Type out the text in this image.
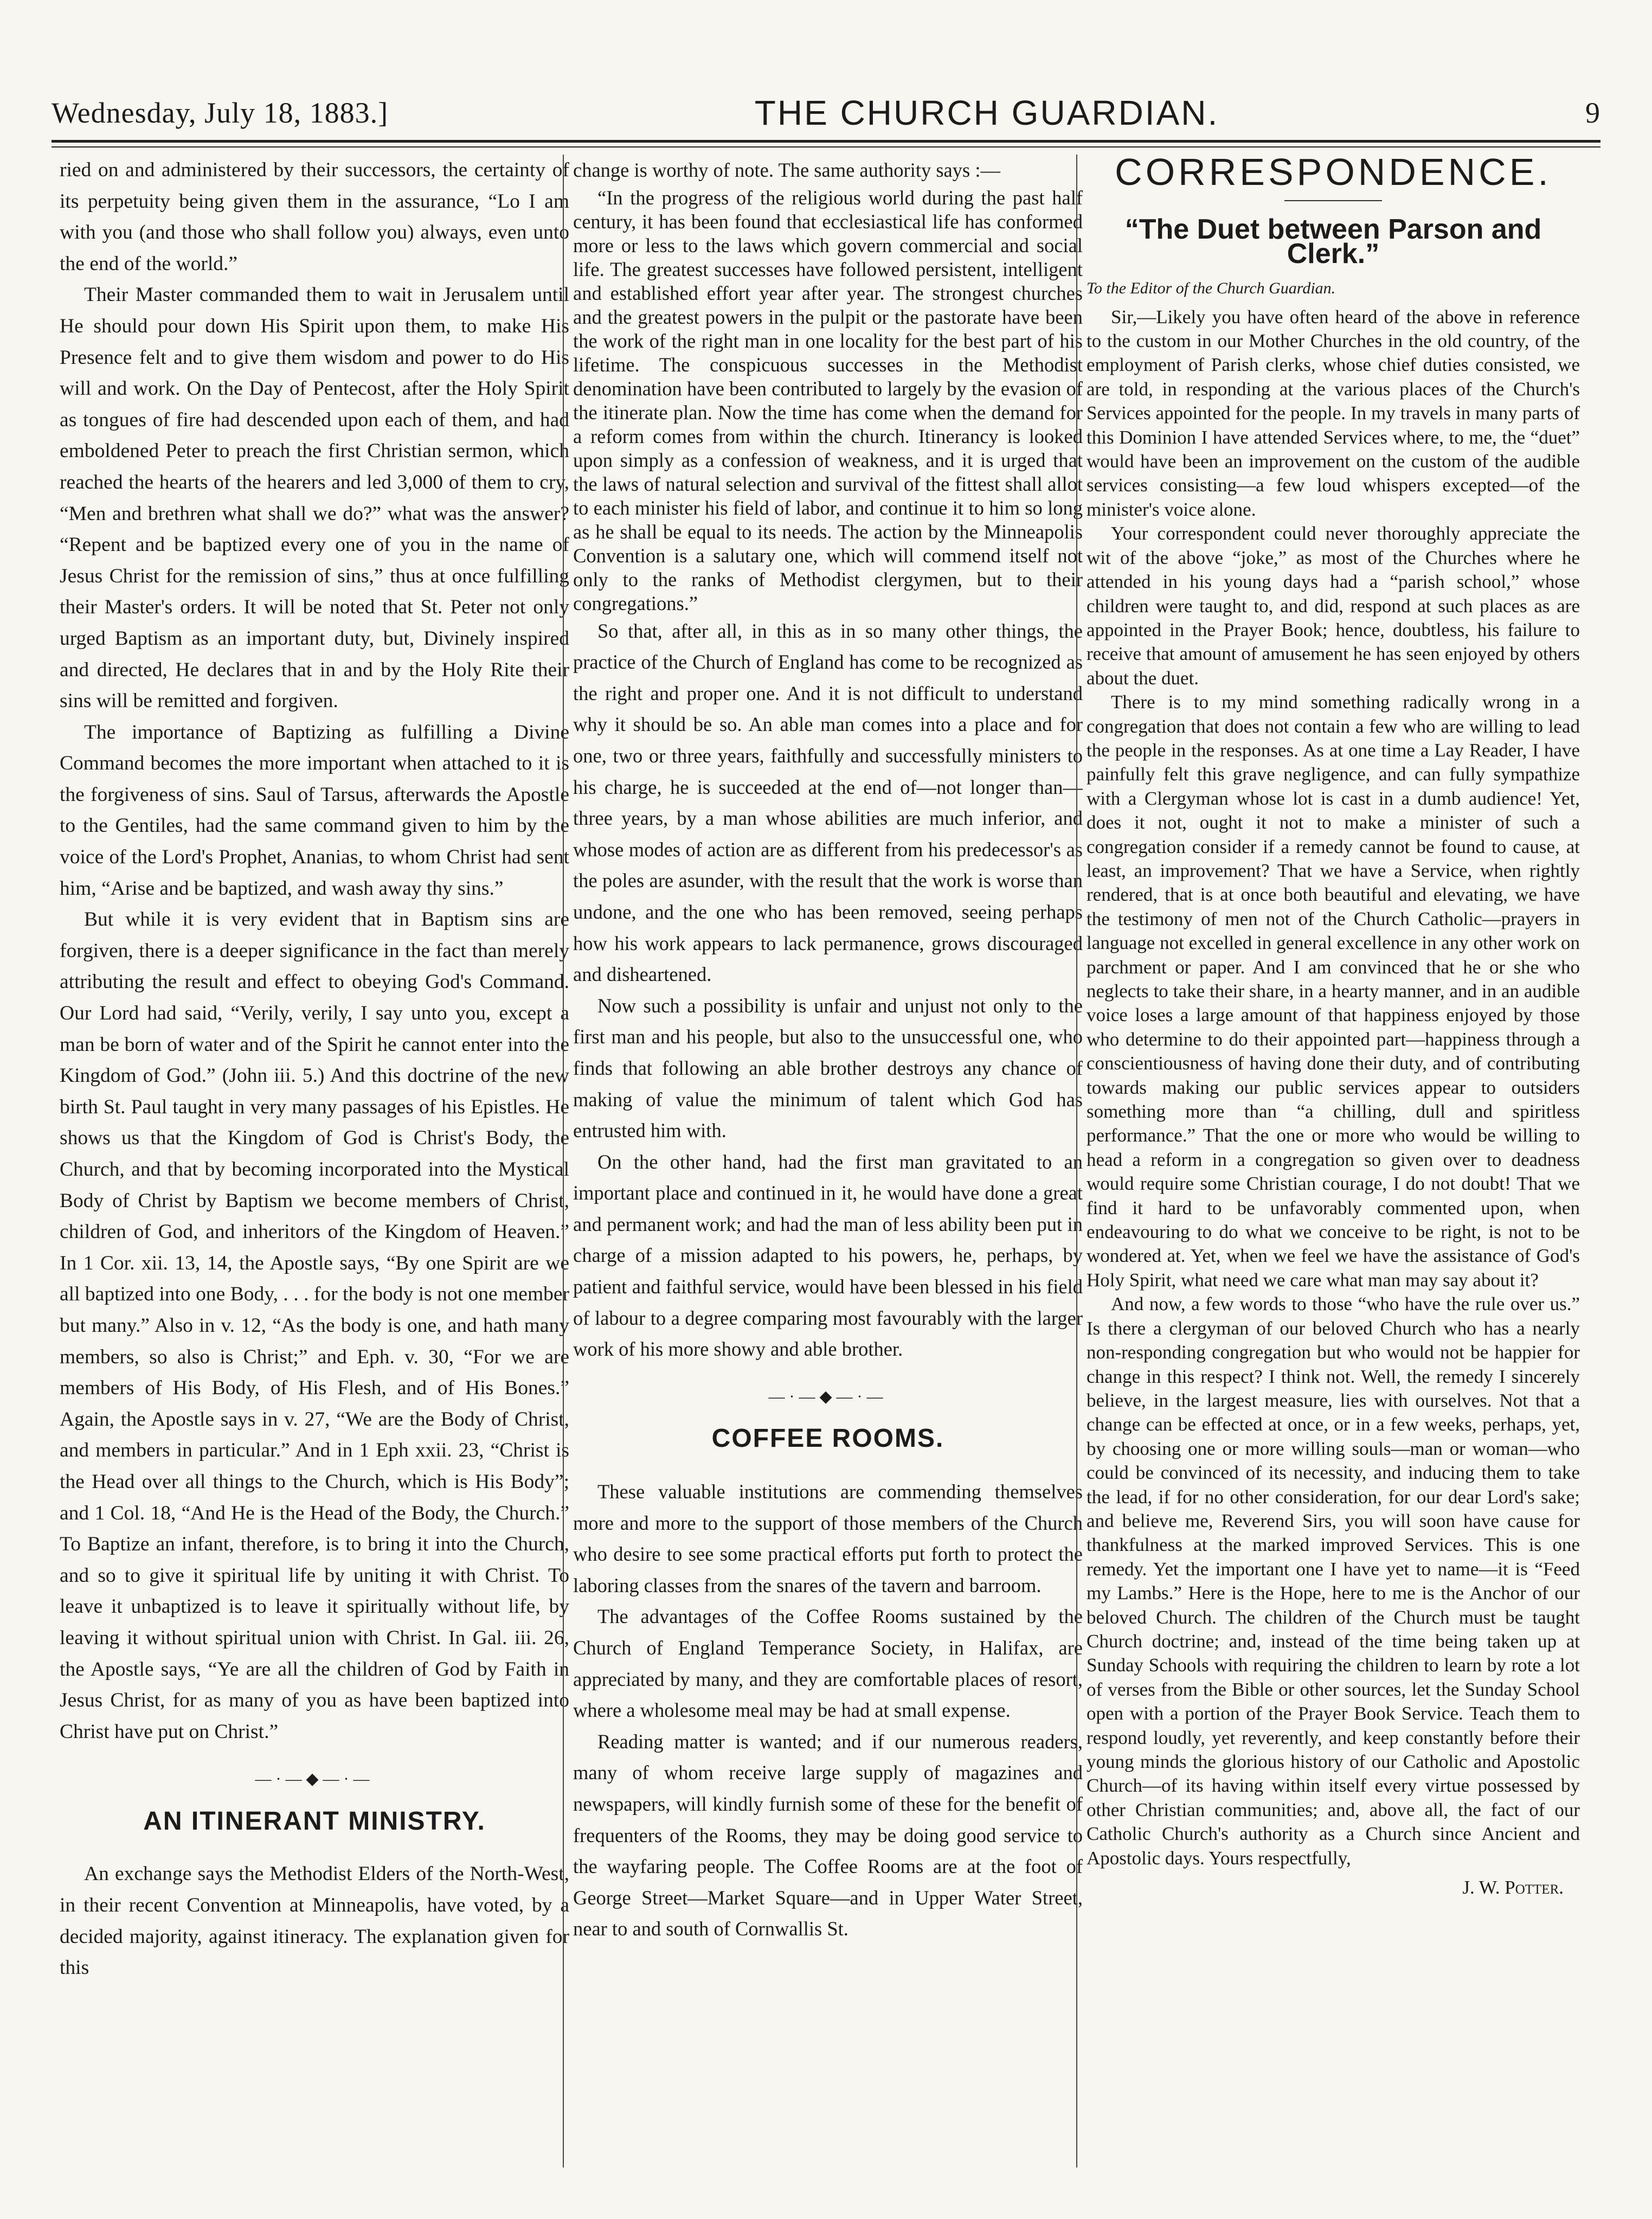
Wednesday, July 18, 1883.]	THE CHURCH GUARDIAN.	9

ried on and administered by their successors, the certainty of its perpetuity being given them in the assurance, “Lo I am with you (and those who shall follow you) always, even unto the end of the world.”

Their Master commanded them to wait in Jerusalem until He should pour down His Spirit upon them, to make His Presence felt and to give them wisdom and power to do His will and work. On the Day of Pentecost, after the Holy Spirit as tongues of fire had descended upon each of them, and had emboldened Peter to preach the first Christian sermon, which reached the hearts of the hearers and led 3,000 of them to cry, “Men and brethren what shall we do?” what was the answer? “Repent and be baptized every one of you in the name of Jesus Christ for the remission of sins,” thus at once fulfilling their Master's orders. It will be noted that St. Peter not only urged Baptism as an important duty, but, Divinely inspired and directed, He declares that in and by the Holy Rite their sins will be remitted and forgiven.

The importance of Baptizing as fulfilling a Divine Command becomes the more important when attached to it is the forgiveness of sins. Saul of Tarsus, afterwards the Apostle to the Gentiles, had the same command given to him by the voice of the Lord's Prophet, Ananias, to whom Christ had sent him, “Arise and be baptized, and wash away thy sins.”

But while it is very evident that in Baptism sins are forgiven, there is a deeper significance in the fact than merely attributing the result and effect to obeying God's Command. Our Lord had said, “Verily, verily, I say unto you, except a man be born of water and of the Spirit he cannot enter into the Kingdom of God.” (John iii. 5.) And this doctrine of the new birth St. Paul taught in very many passages of his Epistles. He shows us that the Kingdom of God is Christ's Body, the Church, and that by becoming incorporated into the Mystical Body of Christ by Baptism we become members of Christ, children of God, and inheritors of the Kingdom of Heaven.” In 1 Cor. xii. 13, 14, the Apostle says, “By one Spirit are we all baptized into one Body, . . . for the body is not one member but many.” Also in v. 12, “As the body is one, and hath many members, so also is Christ;” and Eph. v. 30, “For we are members of His Body, of His Flesh, and of His Bones.” Again, the Apostle says in v. 27, “We are the Body of Christ, and members in particular.” And in 1 Eph xxii. 23, “Christ is the Head over all things to the Church, which is His Body”; and 1 Col. 18, “And He is the Head of the Body, the Church.” To Baptize an infant, therefore, is to bring it into the Church, and so to give it spiritual life by uniting it with Christ. To leave it unbaptized is to leave it spiritually without life, by leaving it without spiritual union with Christ. In Gal. iii. 26, the Apostle says, “Ye are all the children of God by Faith in Jesus Christ, for as many of you as have been baptized into Christ have put on Christ.”

—·—◆—·—
AN ITINERANT MINISTRY.

An exchange says the Methodist Elders of the North-West, in their recent Convention at Minneapolis, have voted, by a decided majority, against itineracy. The explanation given for this

change is worthy of note. The same authority says :—

“In the progress of the religious world during the past half century, it has been found that ecclesiastical life has conformed more or less to the laws which govern commercial and social life. The greatest successes have followed persistent, intelligent and established effort year after year. The strongest churches and the greatest powers in the pulpit or the pastorate have been the work of the right man in one locality for the best part of his lifetime. The conspicuous successes in the Methodist denomination have been contributed to largely by the evasion of the itinerate plan. Now the time has come when the demand for a reform comes from within the church. Itinerancy is looked upon simply as a confession of weakness, and it is urged that the laws of natural selection and survival of the fittest shall allot to each minister his field of labor, and continue it to him so long as he shall be equal to its needs. The action by the Minneapolis Convention is a salutary one, which will commend itself not only to the ranks of Methodist clergymen, but to their congregations.”

So that, after all, in this as in so many other things, the practice of the Church of England has come to be recognized as the right and proper one. And it is not difficult to understand why it should be so. An able man comes into a place and for one, two or three years, faithfully and successfully ministers to his charge, he is succeeded at the end of—not longer than—three years, by a man whose abilities are much inferior, and whose modes of action are as different from his predecessor's as the poles are asunder, with the result that the work is worse than undone, and the one who has been removed, seeing perhaps how his work appears to lack permanence, grows discouraged and disheartened.

Now such a possibility is unfair and unjust not only to the first man and his people, but also to the unsuccessful one, who finds that following an able brother destroys any chance of making of value the minimum of talent which God has entrusted him with.

On the other hand, had the first man gravitated to an important place and continued in it, he would have done a great and permanent work; and had the man of less ability been put in charge of a mission adapted to his powers, he, perhaps, by patient and faithful service, would have been blessed in his field of labour to a degree comparing most favourably with the larger work of his more showy and able brother.

—·—◆—·—
COFFEE ROOMS.

These valuable institutions are commending themselves more and more to the support of those members of the Church who desire to see some practical efforts put forth to protect the laboring classes from the snares of the tavern and barroom.

The advantages of the Coffee Rooms sustained by the Church of England Temperance Society, in Halifax, are appreciated by many, and they are comfortable places of resort, where a wholesome meal may be had at small expense.

Reading matter is wanted; and if our numerous readers, many of whom receive large supply of magazines and newspapers, will kindly furnish some of these for the benefit of frequenters of the Rooms, they may be doing good service to the wayfaring people. The Coffee Rooms are at the foot of George Street—Market Square—and in Upper Water Street, near to and south of Cornwallis St.

CORRESPONDENCE.
“The Duet between Parson and Clerk.”
To the Editor of the Church Guardian.

Sir,—Likely you have often heard of the above in reference to the custom in our Mother Churches in the old country, of the employment of Parish clerks, whose chief duties consisted, we are told, in responding at the various places of the Church's Services appointed for the people. In my travels in many parts of this Dominion I have attended Services where, to me, the “duet” would have been an improvement on the custom of the audible services consisting—a few loud whispers excepted—of the minister's voice alone.

Your correspondent could never thoroughly appreciate the wit of the above “joke,” as most of the Churches where he attended in his young days had a “parish school,” whose children were taught to, and did, respond at such places as are appointed in the Prayer Book; hence, doubtless, his failure to receive that amount of amusement he has seen enjoyed by others about the duet.

There is to my mind something radically wrong in a congregation that does not contain a few who are willing to lead the people in the responses. As at one time a Lay Reader, I have painfully felt this grave negligence, and can fully sympathize with a Clergyman whose lot is cast in a dumb audience! Yet, does it not, ought it not to make a minister of such a congregation consider if a remedy cannot be found to cause, at least, an improvement? That we have a Service, when rightly rendered, that is at once both beautiful and elevating, we have the testimony of men not of the Church Catholic—prayers in language not excelled in general excellence in any other work on parchment or paper. And I am convinced that he or she who neglects to take their share, in a hearty manner, and in an audible voice loses a large amount of that happiness enjoyed by those who determine to do their appointed part—happiness through a conscientiousness of having done their duty, and of contributing towards making our public services appear to outsiders something more than “a chilling, dull and spiritless performance.” That the one or more who would be willing to head a reform in a congregation so given over to deadness would require some Christian courage, I do not doubt! That we find it hard to be unfavorably commented upon, when endeavouring to do what we conceive to be right, is not to be wondered at. Yet, when we feel we have the assistance of God's Holy Spirit, what need we care what man may say about it?

And now, a few words to those “who have the rule over us.” Is there a clergyman of our beloved Church who has a nearly non-responding congregation but who would not be happier for change in this respect? I think not. Well, the remedy I sincerely believe, in the largest measure, lies with ourselves. Not that a change can be effected at once, or in a few weeks, perhaps, yet, by choosing one or more willing souls—man or woman—who could be convinced of its necessity, and inducing them to take the lead, if for no other consideration, for our dear Lord's sake; and believe me, Reverend Sirs, you will soon have cause for thankfulness at the marked improved Services. This is one remedy. Yet the important one I have yet to name—it is “Feed my Lambs.” Here is the Hope, here to me is the Anchor of our beloved Church. The children of the Church must be taught Church doctrine; and, instead of the time being taken up at Sunday Schools with requiring the children to learn by rote a lot of verses from the Bible or other sources, let the Sunday School open with a portion of the Prayer Book Service. Teach them to respond loudly, yet reverently, and keep constantly before their young minds the glorious history of our Catholic and Apostolic Church—of its having within itself every virtue possessed by other Christian communities; and, above all, the fact of our Catholic Church's authority as a Church since Ancient and Apostolic days. Yours respectfully,

J. W. Potter.
